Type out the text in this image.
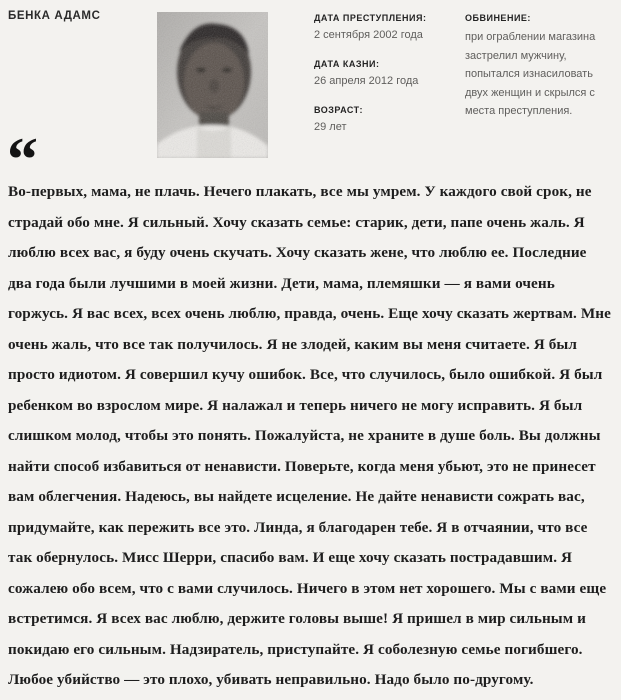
БЕНКА АДАМС	ДАТА ПРЕСТУПЛЕНИЯ:
2 сентября 2002 года
ДАТА КАЗНИ:
26 апреля 2012 года
ВОЗРАСТ:
29 лет
ОБВИНЕНИЕ:
при ограблении магазина застрелил мужчину, попытался изнасиловать двух женщин и скрылся с места преступления.
“

Во-первых, мама, не плачь. Нечего плакать, все мы умрем. У каждого свой срок, не страдай обо мне. Я сильный. Хочу сказать семье: старик, дети, папе очень жаль. Я люблю всех вас, я буду очень скучать. Хочу сказать жене, что люблю ее. Последние два года были лучшими в моей жизни. Дети, мама, племяшки — я вами очень горжусь. Я вас всех, всех очень люблю, правда, очень. Еще хочу сказать жертвам. Мне очень жаль, что все так получилось. Я не злодей, каким вы меня считаете. Я был просто идиотом. Я совершил кучу ошибок. Все, что случилось, было ошибкой. Я был ребенком во взрослом мире. Я налажал и теперь ничего не могу исправить. Я был слишком молод, чтобы это понять. Пожалуйста, не храните в душе боль. Вы должны найти способ избавиться от ненависти. Поверьте, когда меня убьют, это не принесет вам облегчения. Надеюсь, вы найдете исцеление. Не дайте ненависти сожрать вас, придумайте, как пережить все это. Линда, я благодарен тебе. Я в отчаянии, что все так обернулось. Мисс Шерри, спасибо вам. И еще хочу сказать пострадавшим. Я сожалею обо всем, что с вами случилось. Ничего в этом нет хорошего. Мы с вами еще встретимся. Я всех вас люблю, держите головы выше! Я пришел в мир сильным и покидаю его сильным. Надзиратель, приступайте. Я соболезную семье погибшего. Любое убийство — это плохо, убивать неправильно. Надо было по-другому.
